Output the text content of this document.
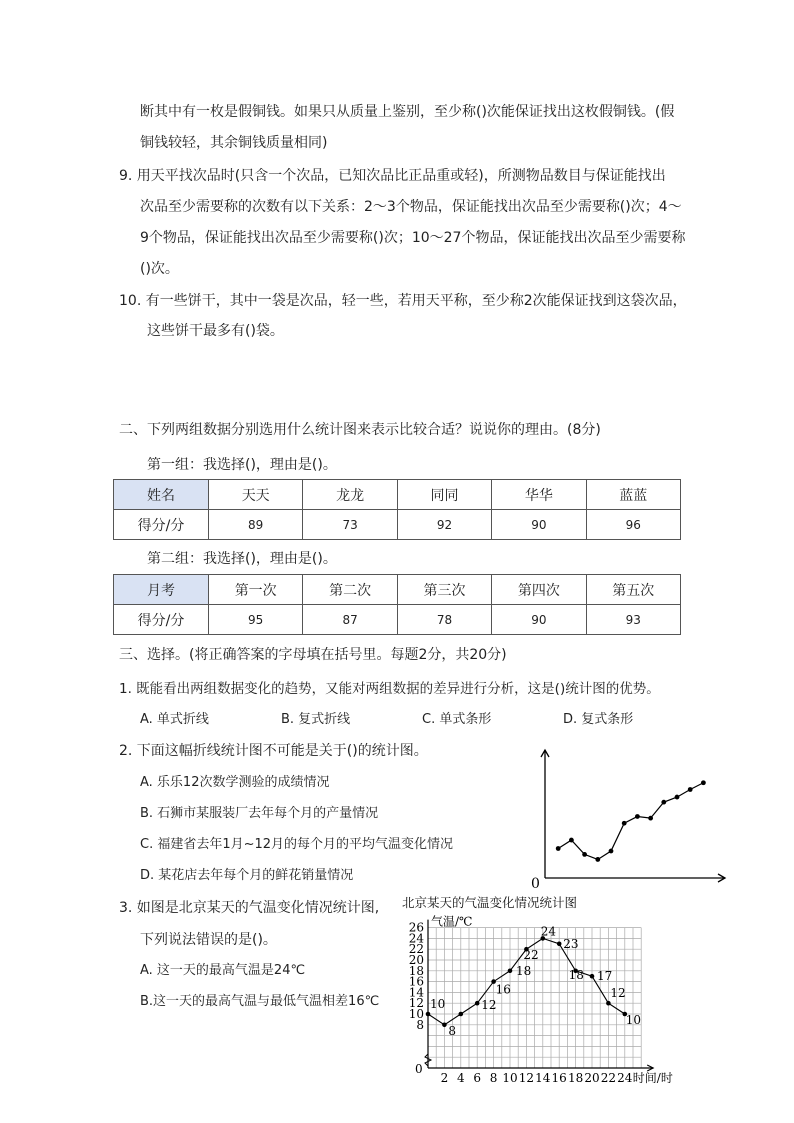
断其中有一枚是假铜钱。如果只从质量上鉴别，至少称()次能保证找出这枚假铜钱。(假
铜钱较轻，其余铜钱质量相同)
9. 用天平找次品时(只含一个次品，已知次品比正品重或轻)，所测物品数目与保证能找出
次品至少需要称的次数有以下关系：2～3个物品，保证能找出次品至少需要称()次；4～
9个物品，保证能找出次品至少需要称()次；10～27个物品，保证能找出次品至少需要称
()次。
10. 有一些饼干，其中一袋是次品，轻一些，若用天平称，至少称2次能保证找到这袋次品，
这些饼干最多有()袋。
二、下列两组数据分别选用什么统计图来表示比较合适？说说你的理由。(8分)
第一组：我选择()，理由是()。
姓名	天天	龙龙	同同	华华	蓝蓝
得分/分	89	73	92	90	96
第二组：我选择()，理由是()。
月考	第一次	第二次	第三次	第四次	第五次
得分/分	95	87	78	90	93
三、选择。(将正确答案的字母填在括号里。每题2分，共20分)
1. 既能看出两组数据变化的趋势，又能对两组数据的差异进行分析，这是()统计图的优势。
A. 单式折线	B. 复式折线	C. 单式条形	D. 复式条形
2. 下面这幅折线统计图不可能是关于()的统计图。
A. 乐乐12次数学测验的成绩情况
B. 石狮市某服装厂去年每个月的产量情况
C. 福建省去年1月~12月的每个月的平均气温变化情况
D. 某花店去年每个月的鲜花销量情况
3. 如图是北京某天的气温变化情况统计图,
下列说法错误的是()。
A. 这一天的最高气温是24℃
B.这一天的最高气温与最低气温相差16℃
0
北京某天的气温变化情况统计图
气温/℃
时间/时
0
8
10
12
14
16
18
20
22
24
26
2 4 6 8 10 12 14 16 18 20 22 24
10
8
12
16
18
22
24
23
18 17
12
10
